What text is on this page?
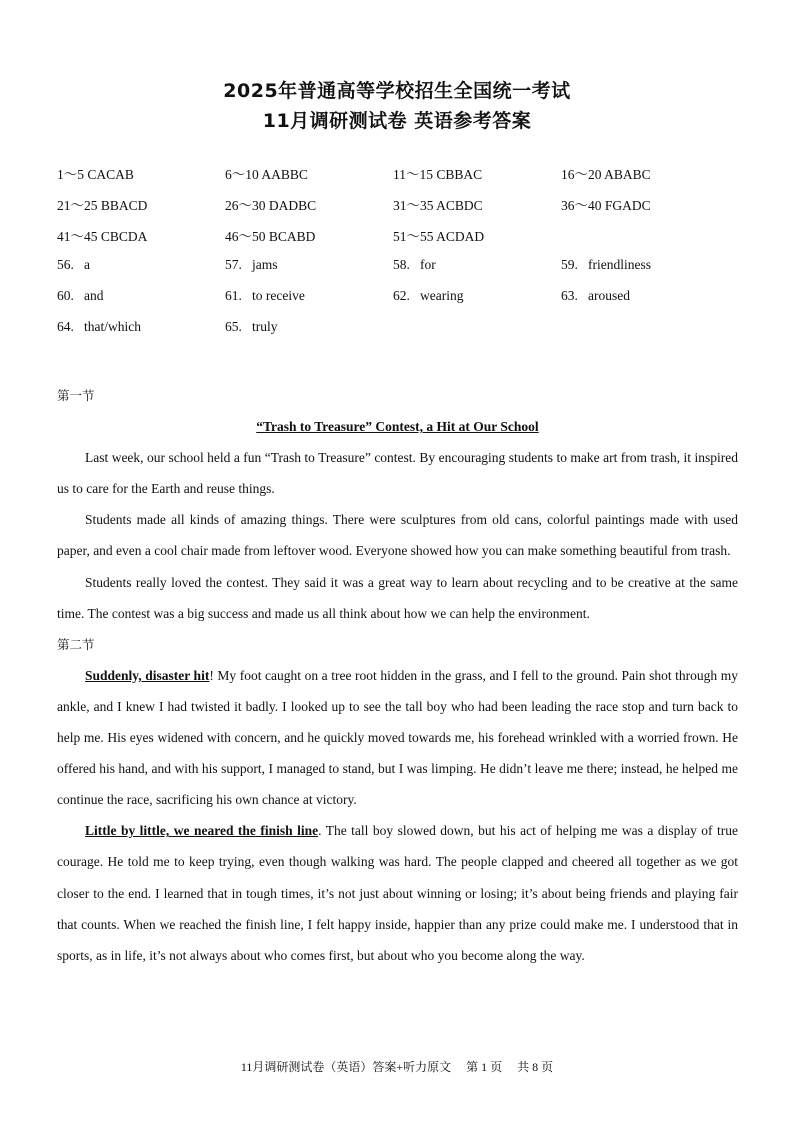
2025年普通高等学校招生全国统一考试
11月调研测试卷 英语参考答案
1～5 CACAB	6～10 AABBC	11～15 CBBAC	16～20 ABABC
21～25 BBACD	26～30 DADBC	31～35 ACBDC	36～40 FGADC
41～45 CBCDA	46～50 BCABD	51～55 ACDAD
56.   a	57.   jams	58.   for	59.   friendliness
60.   and	61.   to receive	62.   wearing	63.   aroused
64.   that/which	65.   truly
第一节
“Trash to Treasure” Contest, a Hit at Our School

Last week, our school held a fun “Trash to Treasure” contest. By encouraging students to make art from trash, it inspired us to care for the Earth and reuse things.

Students made all kinds of amazing things. There were sculptures from old cans, colorful paintings made with used paper, and even a cool chair made from leftover wood. Everyone showed how you can make something beautiful from trash.

Students really loved the contest. They said it was a great way to learn about recycling and to be creative at the same time. The contest was a big success and made us all think about how we can help the environment.

第二节

Suddenly, disaster hit! My foot caught on a tree root hidden in the grass, and I fell to the ground. Pain shot through my ankle, and I knew I had twisted it badly. I looked up to see the tall boy who had been leading the race stop and turn back to help me. His eyes widened with concern, and he quickly moved towards me, his forehead wrinkled with a worried frown. He offered his hand, and with his support, I managed to stand, but I was limping. He didn’t leave me there; instead, he helped me continue the race, sacrificing his own chance at victory.

Little by little, we neared the finish line. The tall boy slowed down, but his act of helping me was a display of true courage. He told me to keep trying, even though walking was hard. The people clapped and cheered all together as we got closer to the end. I learned that in tough times, it’s not just about winning or losing; it’s about being friends and playing fair that counts. When we reached the finish line, I felt happy inside, happier than any prize could make me. I understood that in sports, as in life, it’s not always about who comes first, but about who you become along the way.

11月调研测试卷（英语）答案+听力原文 第 1 页 共 8 页
